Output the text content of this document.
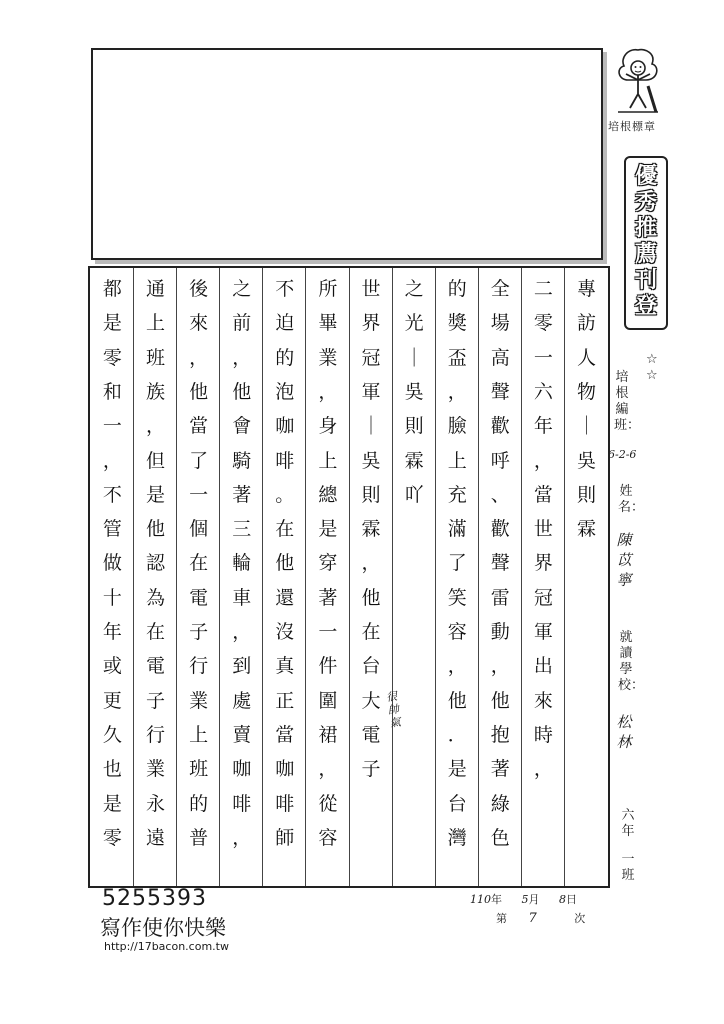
培根標章
優秀推薦刊登
☆ ☆
培根編班：
6-2-6
姓名：
陳苡寧
就讀學校：
松林
六年
一班
專
訪
人
物
｜
吳
則
霖
二
零
一
六
年
，
當
世
界
冠
軍
出
來
時
，
全
場
高
聲
歡
呼
、
歡
聲
雷
動
，
他
抱
著
綠
色
的
獎
盃
，
臉
上
充
滿
了
笑
容
，
他
．
是
台
灣
之
光
｜
吳
則
霖
吖
世
界
冠
軍
｜
吳
則
霖
，
他
在
台
大
電
子
所
畢
業
，
身
上
總
是
穿
著
一
件
圍
裙
，
從
容
不
迫
的
泡
咖
啡
。
在
他
還
沒
真
正
當
咖
啡
師
之
前
，
他
會
騎
著
三
輪
車
，
到
處
賣
咖
啡
，
後
來
，
他
當
了
一
個
在
電
子
行
業
上
班
的
普
通
上
班
族
，
但
是
他
認
為
在
電
子
行
業
永
遠
都
是
零
和
一
，
不
管
做
十
年
或
更
久
也
是
零
很帥氣
110年 5月 8日
第 7	次
5255393
寫作使你快樂
http://17bacon.com.tw
